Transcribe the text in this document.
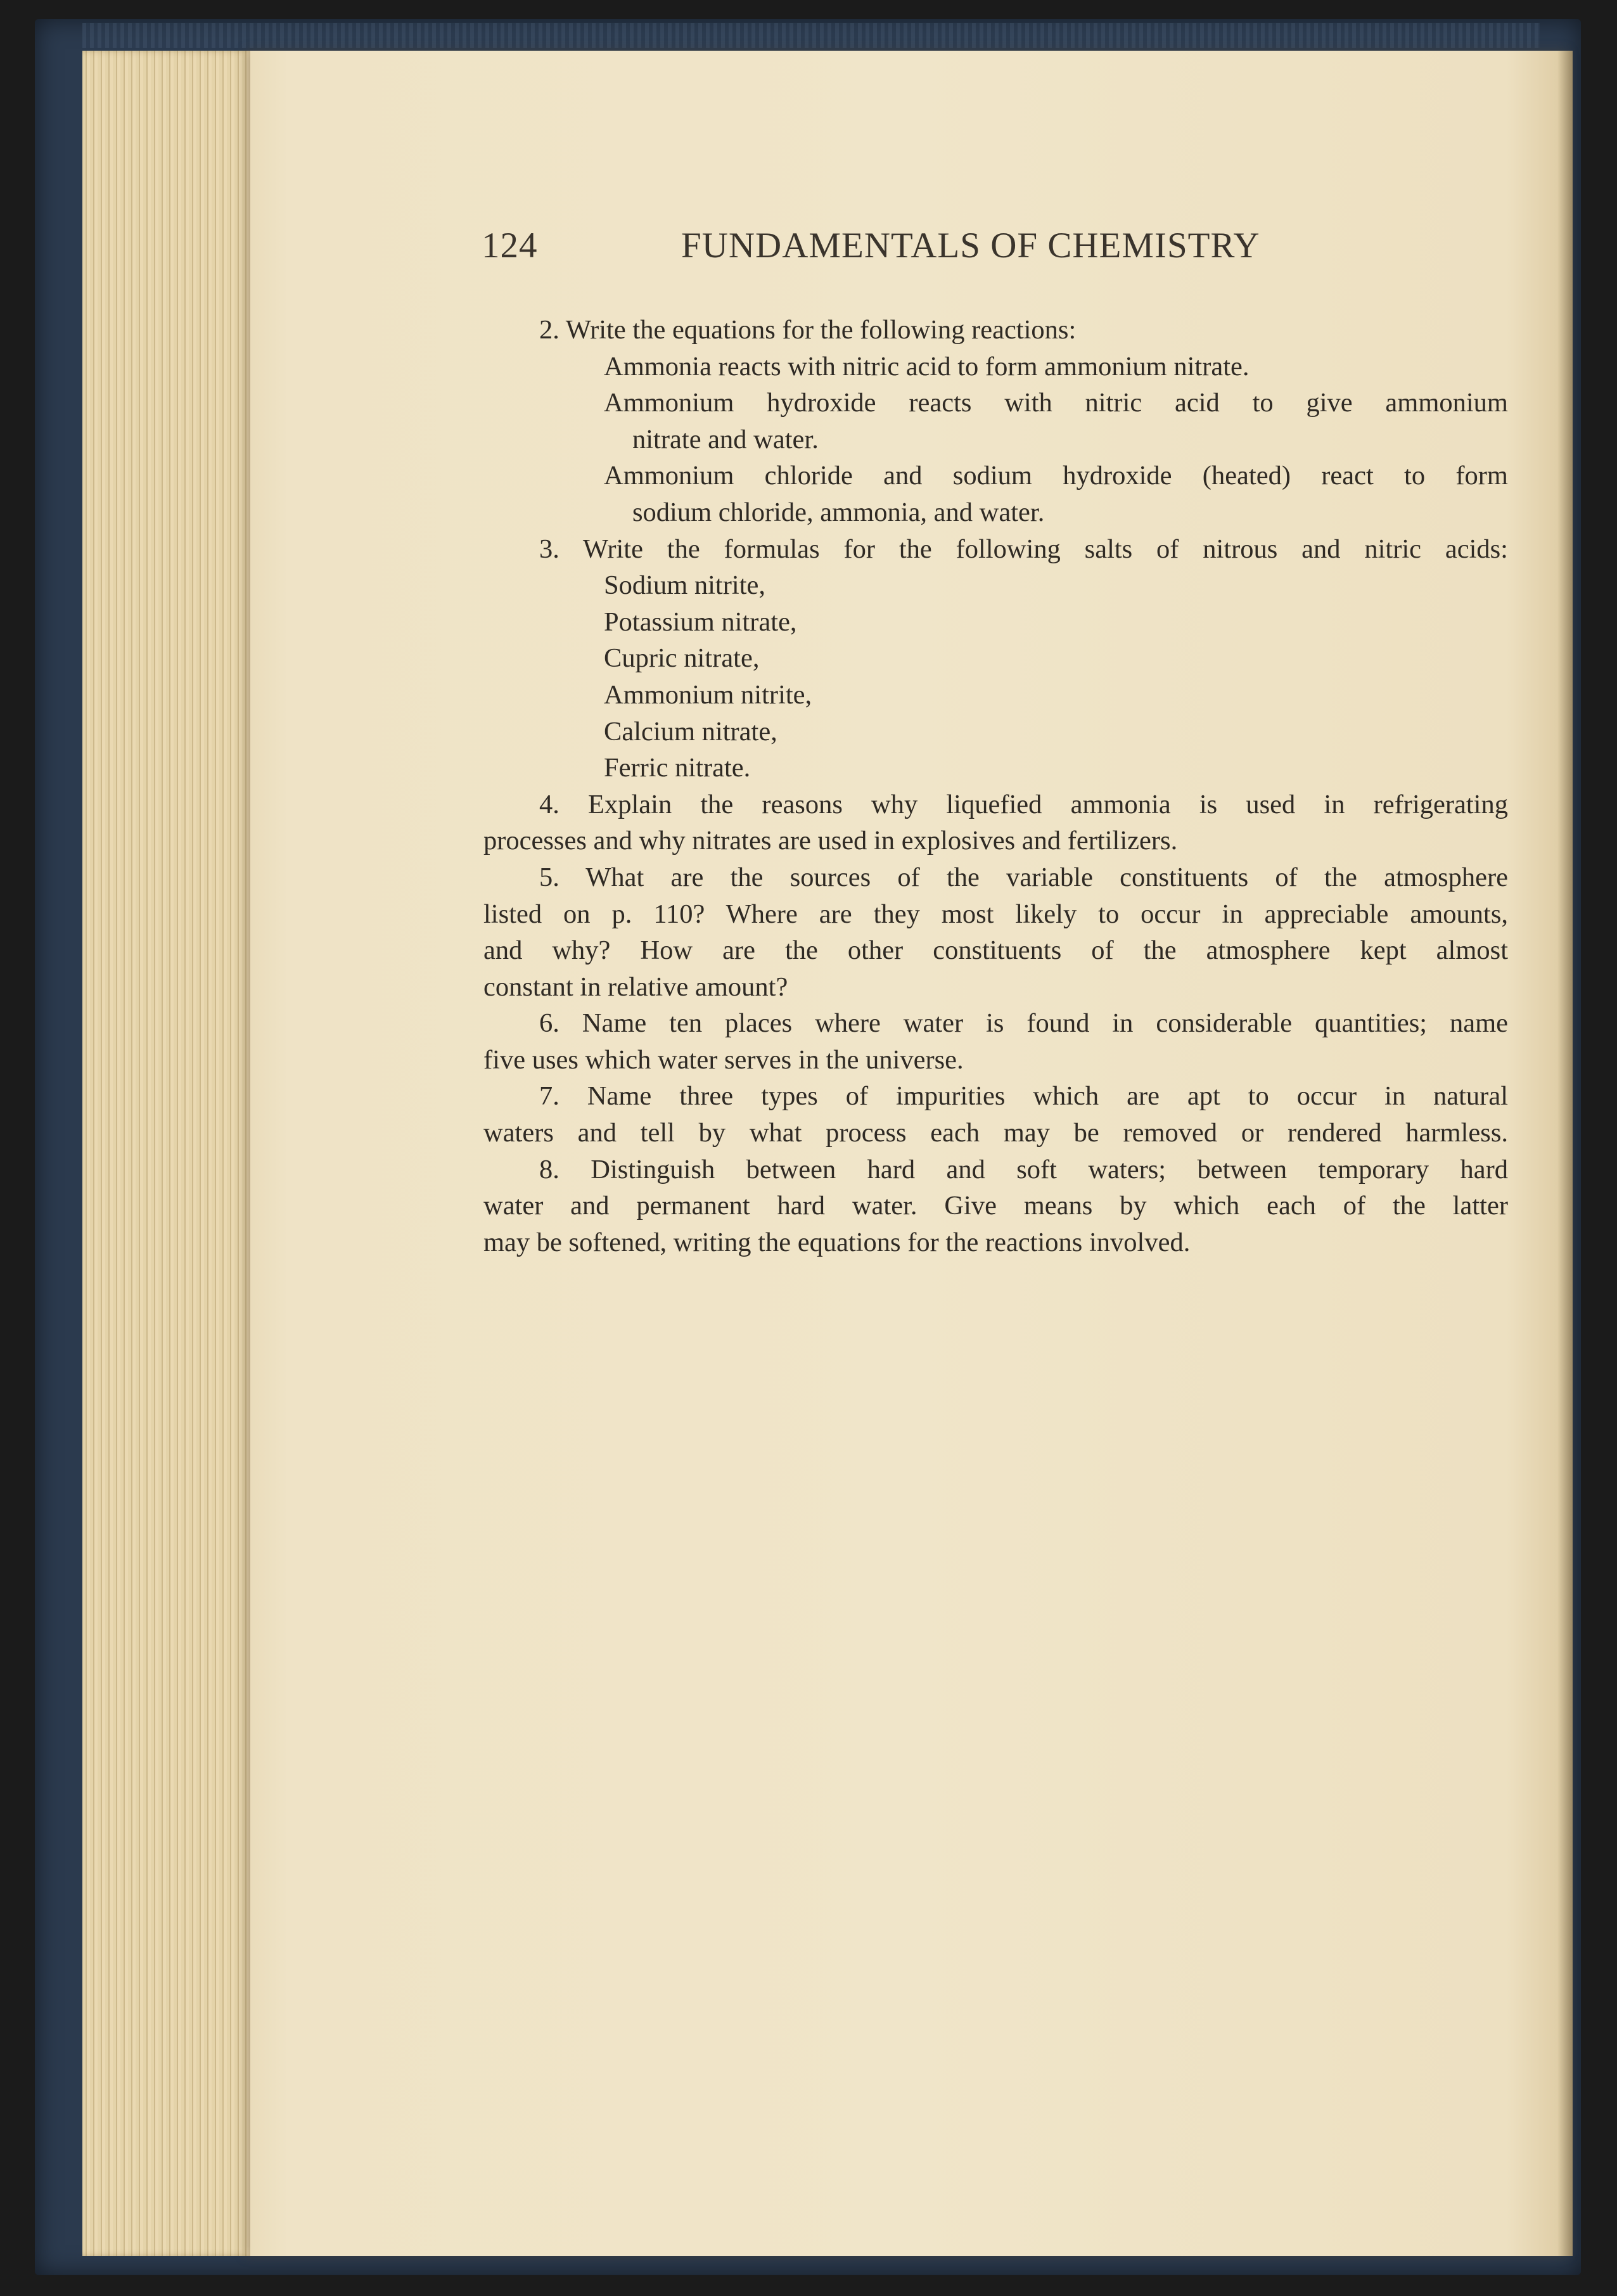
124	FUNDAMENTALS OF CHEMISTRY
2. Write the equations for the following reactions:
Ammonia reacts with nitric acid to form ammonium nitrate.
Ammonium hydroxide reacts with nitric acid to give ammonium
nitrate and water.
Ammonium chloride and sodium hydroxide (heated) react to form
sodium chloride, ammonia, and water.
3. Write the formulas for the following salts of nitrous and nitric acids:
Sodium nitrite,
Potassium nitrate,
Cupric nitrate,
Ammonium nitrite,
Calcium nitrate,
Ferric nitrate.
4. Explain the reasons why liquefied ammonia is used in refrigerating
processes and why nitrates are used in explosives and fertilizers.
5. What are the sources of the variable constituents of the atmosphere
listed on p. 110? Where are they most likely to occur in appreciable amounts,
and why? How are the other constituents of the atmosphere kept almost
constant in relative amount?
6. Name ten places where water is found in considerable quantities; name
five uses which water serves in the universe.
7. Name three types of impurities which are apt to occur in natural
waters and tell by what process each may be removed or rendered harmless.
8. Distinguish between hard and soft waters; between temporary hard
water and permanent hard water. Give means by which each of the latter
may be softened, writing the equations for the reactions involved.
